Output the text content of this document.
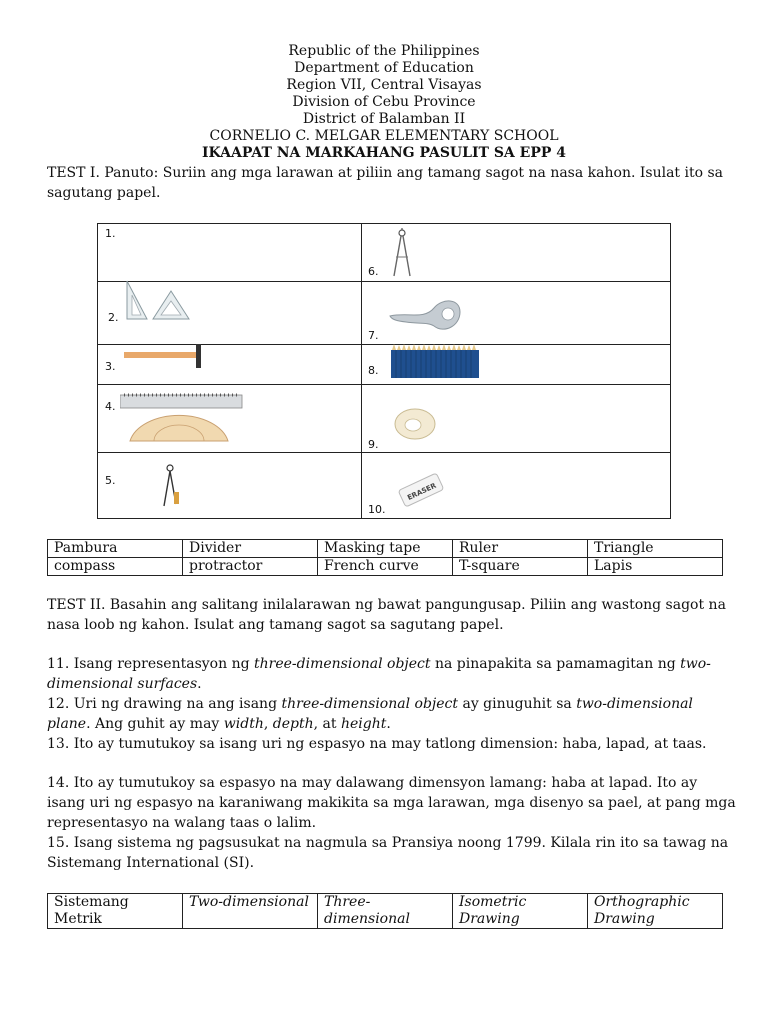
Republic of the Philippines
Department of Education
Region VII, Central Visayas
Division of Cebu Province
District of Balamban II
CORNELIO C. MELGAR ELEMENTARY SCHOOL
IKAAPAT NA MARKAHANG PASULIT SA EPP 4
TEST I. Panuto: Suriin ang mga larawan at piliin ang tamang sagot na nasa kahon. Isulat ito sa sagutang papel.
1.
2.
3.
4.
5.
6.
7.
8.
9.
10.
ERASER
Pambura	Divider	Masking tape	Ruler	Triangle
compass	protractor	French curve	T-square	Lapis
TEST II. Basahin ang salitang inilalarawan ng bawat pangungusap. Piliin ang wastong sagot na nasa loob ng kahon. Isulat ang tamang sagot sa sagutang papel.
11. Isang representasyon ng three-dimensional object na pinapakita sa pamamagitan ng two-dimensional surfaces.
12. Uri ng drawing na ang isang three-dimensional object ay ginuguhit sa two-dimensional plane. Ang guhit ay may width, depth, at height.
13. Ito ay tumutukoy sa isang uri ng espasyo na may tatlong dimension: haba, lapad, at taas.
14. Ito ay tumutukoy sa espasyo na may dalawang dimensyon lamang: haba at lapad. Ito ay isang uri ng espasyo na karaniwang makikita sa mga larawan, mga disenyo sa pael, at pang mga representasyo na walang taas o lalim.
15. Isang sistema ng pagsusukat na nagmula sa Pransiya noong 1799. Kilala rin ito sa tawag na Sistemang International (SI).
Sistemang Metrik	Two-dimensional	Three-dimensional	Isometric Drawing	Orthographic Drawing
